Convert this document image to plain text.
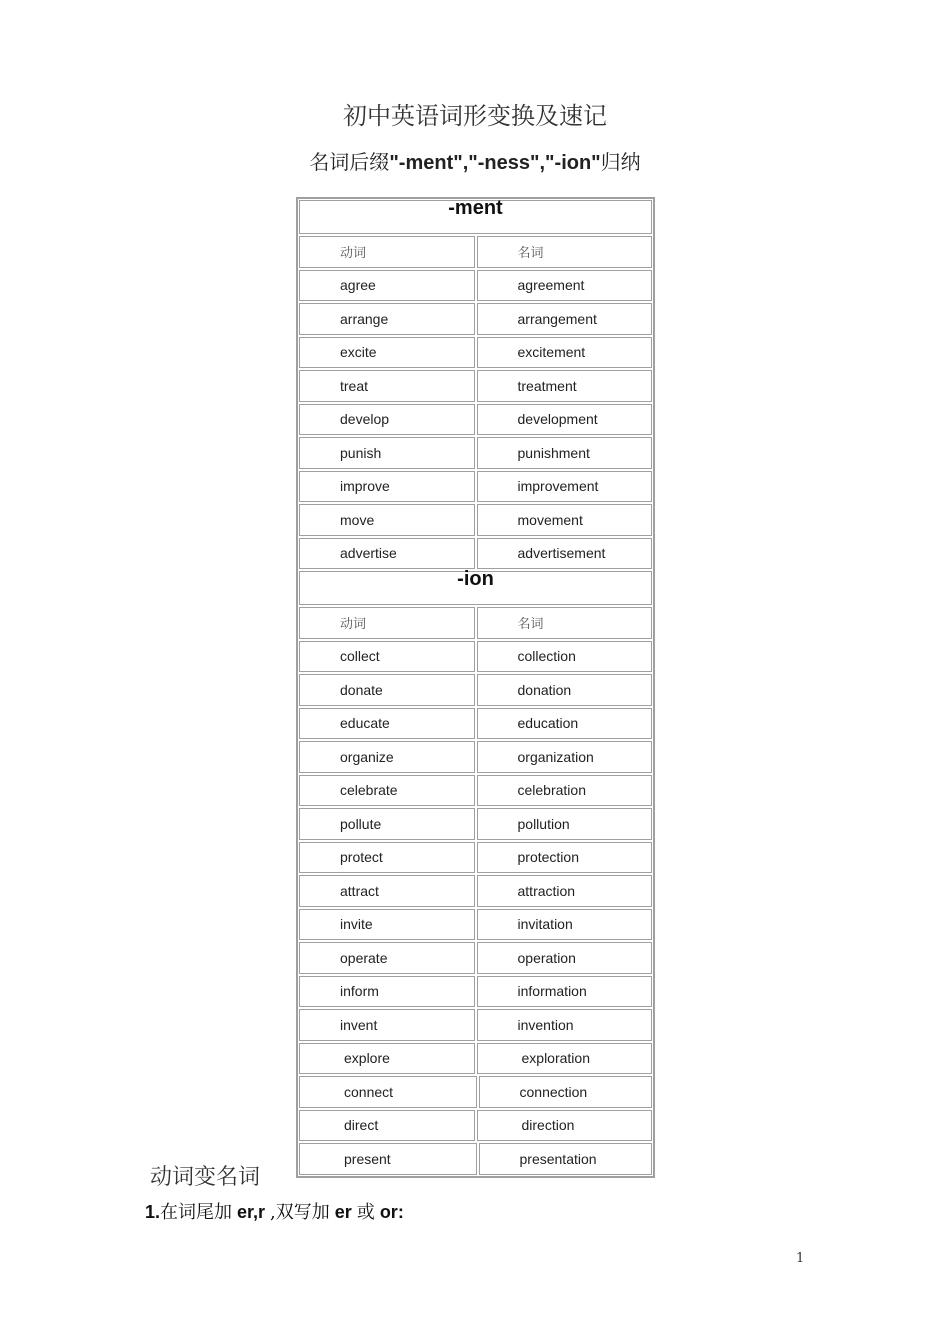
初中英语词形变换及速记
名词后缀"-ment","-ness","-ion"归纳
-ment
动词	名词
agree	agreement
arrange	arrangement
excite	excitement
treat	treatment
develop	development
punish	punishment
improve	improvement
move	movement
advertise	advertisement
-ion
动词	名词
collect	collection
donate	donation
educate	education
organize	organization
celebrate	celebration
pollute	pollution
protect	protection
attract	attraction
invite	invitation
operate	operation
inform	information
invent	invention
explore	exploration
connect	connection
direct	direction
present	presentation
动词变名词
1.在词尾加 er,r ,双写加 er 或 or:
1
